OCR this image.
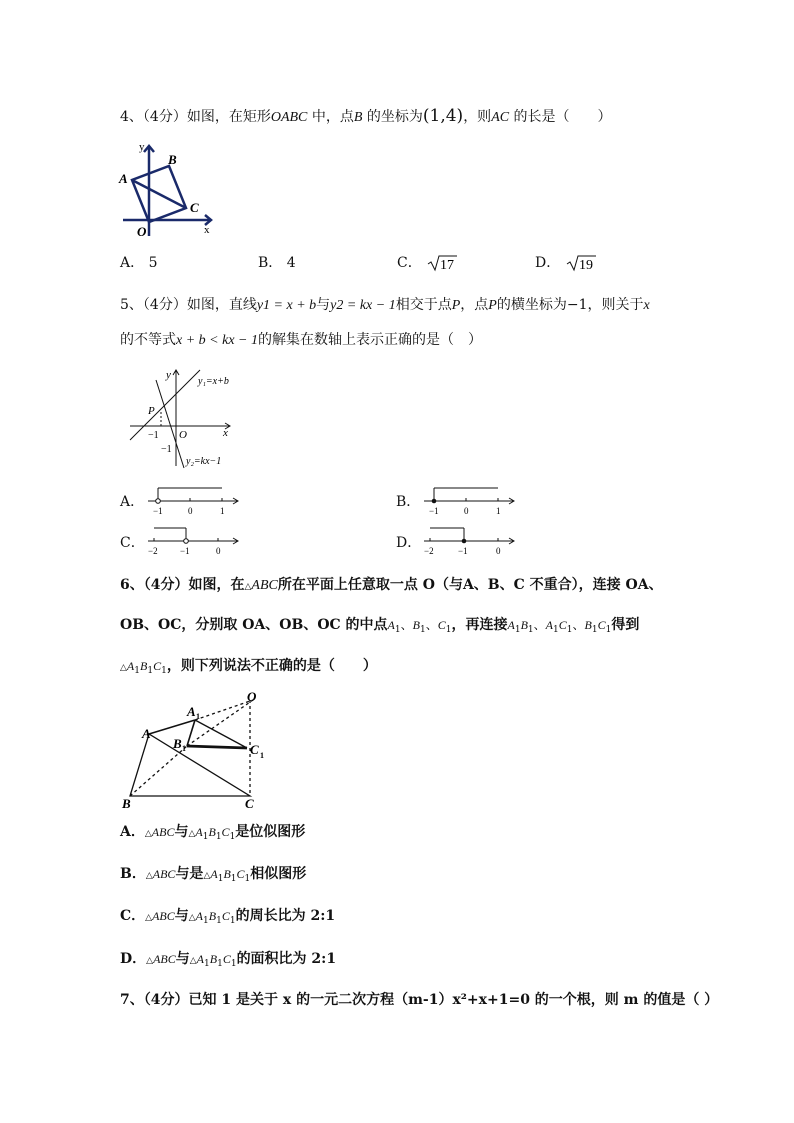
4、（4分）如图，在矩形OABC 中，点B 的坐标为(1,4)，则AC 的长是（　　）
y
x
A
B
C
O
A． 5	B． 4	C． 17	D． 19
5、（4分）如图，直线y1 = x + b与y2 = kx − 1相交于点P，点P的横坐标为−1，则关于x
的不等式x + b < kx − 1的解集在数轴上表示正确的是（　）
y
x
y₁=x+b
y₂=kx−1
P
O
−1
−1
A．
−1	0	1
B．
−1	0	1
C． −2 −1	0	D． −2	−1	0
6、（4分）如图，在△ABC所在平面上任意取一点 O（与A、B、C 不重合），连接 OA、
OB、OC，分别取 OA、OB、OC 的中点$A_1$、$B_1$、$C_1$，再连接$A_1B_1$、$A_1C_1$、$B_1C_1$得到
$\triangle A_1B_1C_1$，则下列说法不正确的是（　　）
O
A 1
B 1	C 1
A
B	C
A．△ABC与$\triangle A_1B_1C_1$是位似图形
B．△ABC与是$\triangle A_1B_1C_1$相似图形
C．△ABC与$\triangle A_1B_1C_1$的周长比为 2:1
D．△ABC与$\triangle A_1B_1C_1$的面积比为 2:1
7、（4分）已知 1 是关于 x 的一元二次方程（m-1）x²+x+1=0 的一个根，则 m 的值是（ ）
